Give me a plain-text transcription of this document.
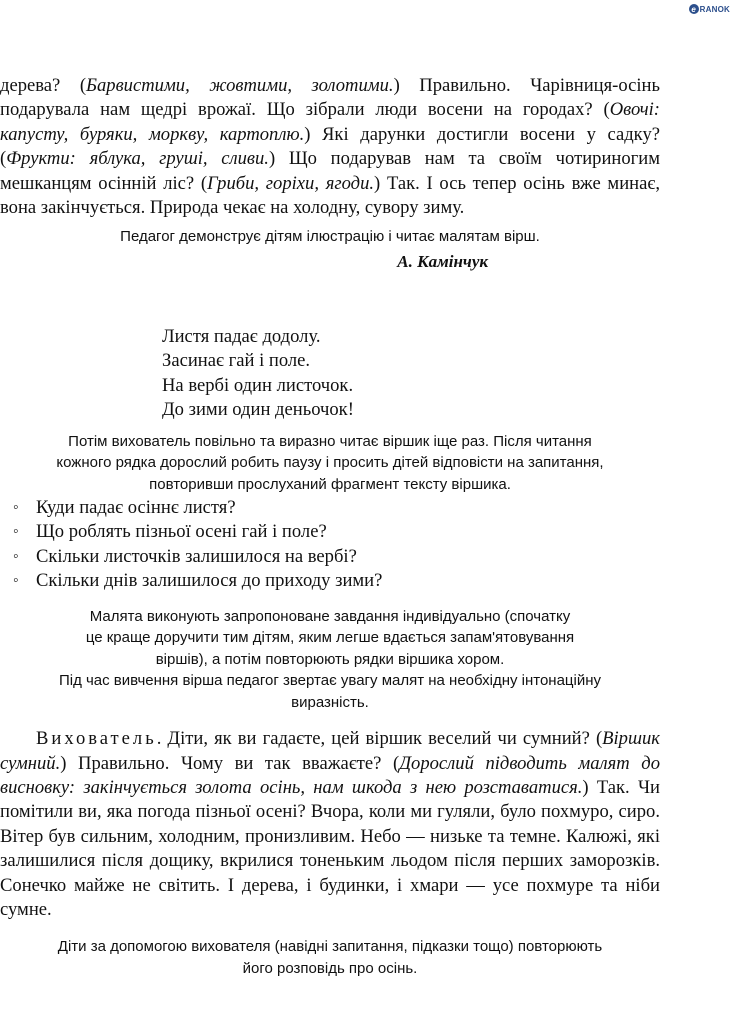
e RANOK

дерева? (Барвистими, жовтими, золотими.) Правильно. Чарівниця-осінь подарувала нам щедрі врожаї. Що зібрали люди восени на городах? (Овочі: капусту, буряки, моркву, картоплю.) Які дарунки достигли восени у садку? (Фрукти: яблука, груші, сливи.) Що подарував нам та своїм чотириногим мешканцям осінній ліс? (Гриби, горіхи, ягоди.) Так. І ось тепер осінь вже минає, вона закінчується. Природа чекає на холодну, сувору зиму.

Педагог демонструє дітям ілюстрацію і читає малятам вірш.

А. Камінчук

Листя падає додолу.
Засинає гай і поле.
На вербі один листочок.
До зими один деньочок!

Потім вихователь повільно та виразно читає віршик іще раз. Після читання кожного рядка дорослий робить паузу і просить дітей відповісти на запитання, повторивши прослуханий фрагмент тексту віршика.

◦ Куди падає осіннє листя?
◦ Що роблять пізньої осені гай і поле?
◦ Скільки листочків залишилося на вербі?
◦ Скільки днів залишилося до приходу зими?

Малята виконують запропоноване завдання індивідуально (спочатку це краще доручити тим дітям, яким легше вдається запам'ятовування віршів), а потім повторюють рядки віршика хором.

Під час вивчення вірша педагог звертає увагу малят на необхідну інтонаційну виразність.

Вихователь. Діти, як ви гадаєте, цей віршик веселий чи сумний? (Віршик сумний.) Правильно. Чому ви так вважаєте? (Дорослий підводить малят до висновку: закінчується золота осінь, нам шкода з нею розставатися.) Так. Чи помітили ви, яка погода пізньої осені? Вчора, коли ми гуляли, було похмуро, сиро. Вітер був сильним, холодним, пронизливим. Небо — низьке та темне. Калюжі, які залишилися після дощику, вкрилися тоненьким льодом після перших заморозків. Сонечко майже не світить. І дерева, і будинки, і хмари — усе похмуре та ніби сумне.

Діти за допомогою вихователя (навідні запитання, підказки тощо) повторюють його розповідь про осінь.
